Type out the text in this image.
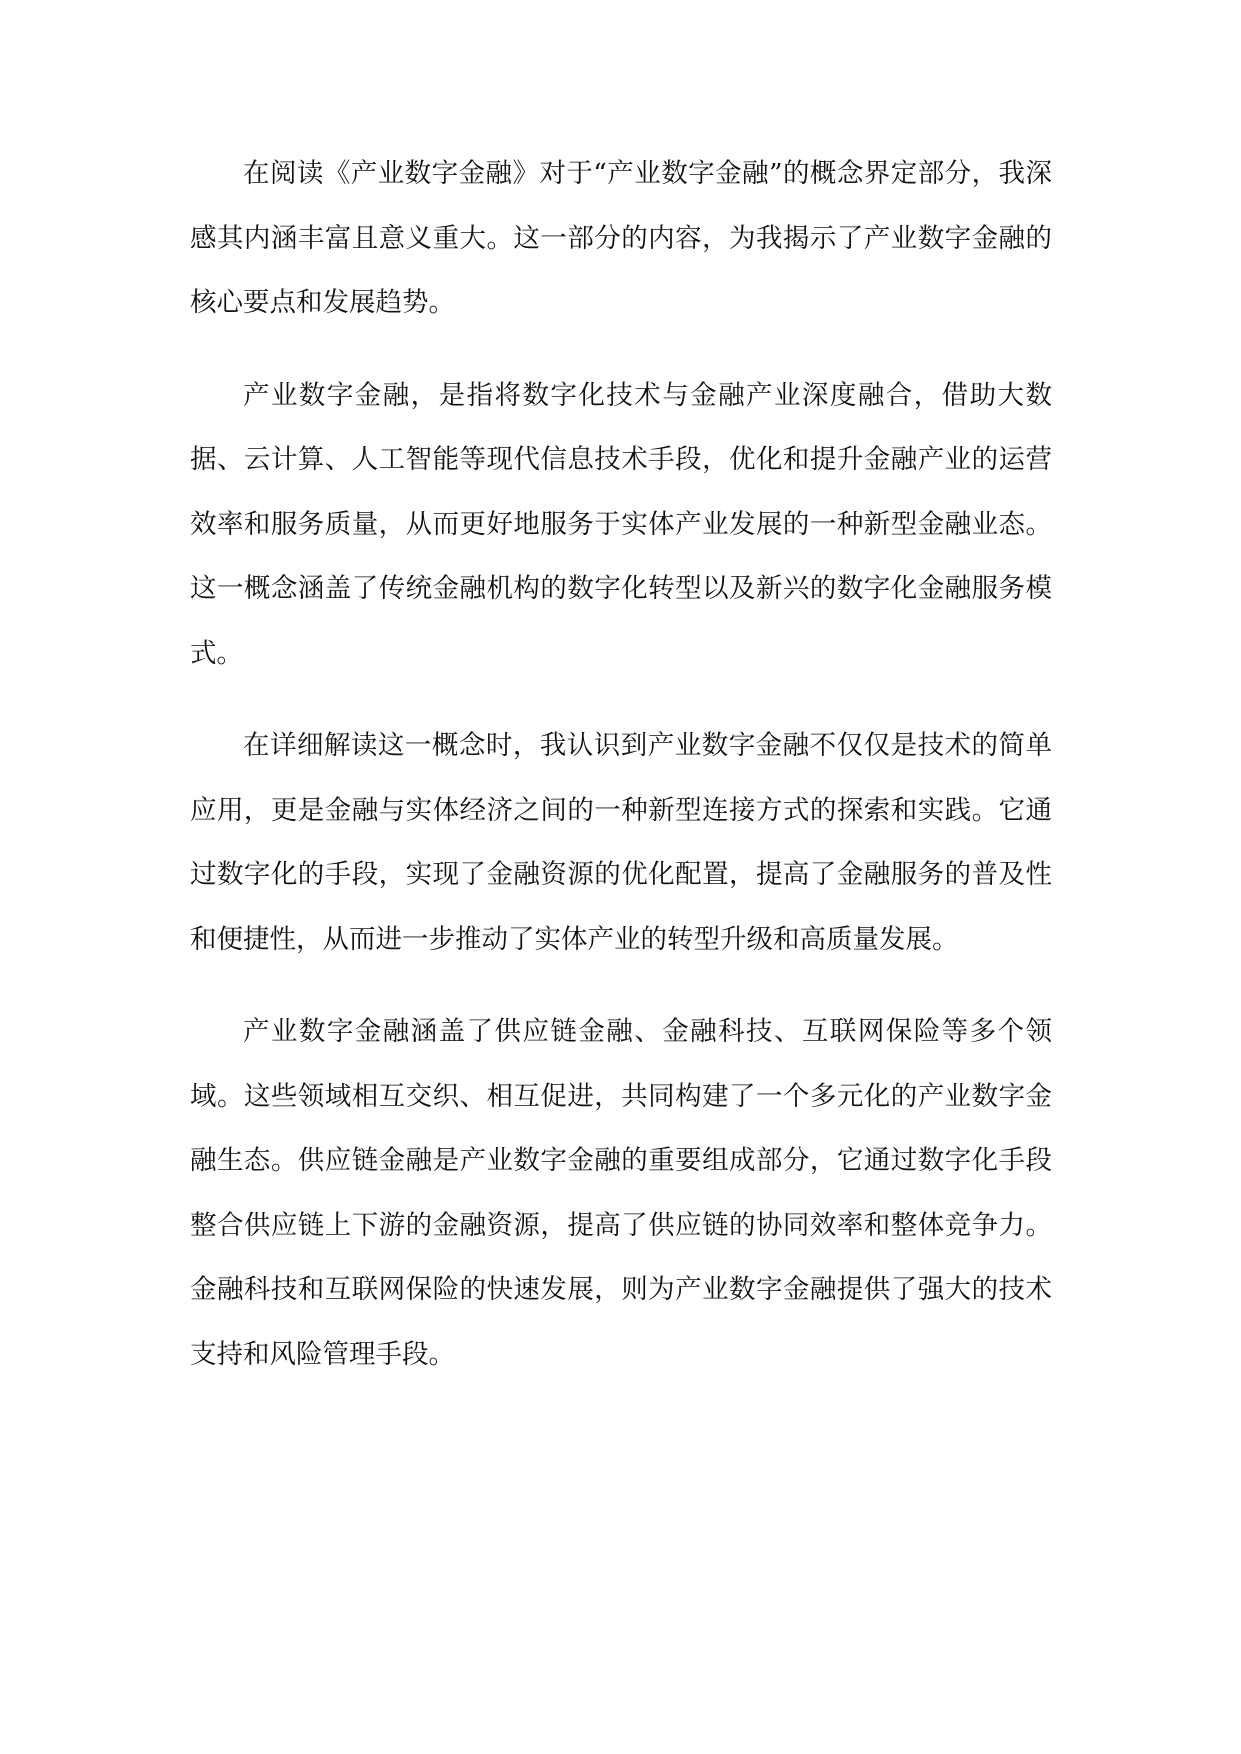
在阅读《产业数字金融》对于“产业数字金融”的概念界定部分，我深感其内涵丰富且意义重大。这一部分的内容，为我揭示了产业数字金融的核心要点和发展趋势。

产业数字金融，是指将数字化技术与金融产业深度融合，借助大数据、云计算、人工智能等现代信息技术手段，优化和提升金融产业的运营效率和服务质量，从而更好地服务于实体产业发展的一种新型金融业态。这一概念涵盖了传统金融机构的数字化转型以及新兴的数字化金融服务模式。

在详细解读这一概念时，我认识到产业数字金融不仅仅是技术的简单应用，更是金融与实体经济之间的一种新型连接方式的探索和实践。它通过数字化的手段，实现了金融资源的优化配置，提高了金融服务的普及性和便捷性，从而进一步推动了实体产业的转型升级和高质量发展。

产业数字金融涵盖了供应链金融、金融科技、互联网保险等多个领域。这些领域相互交织、相互促进，共同构建了一个多元化的产业数字金融生态。供应链金融是产业数字金融的重要组成部分，它通过数字化手段整合供应链上下游的金融资源，提高了供应链的协同效率和整体竞争力。金融科技和互联网保险的快速发展，则为产业数字金融提供了强大的技术支持和风险管理手段。
